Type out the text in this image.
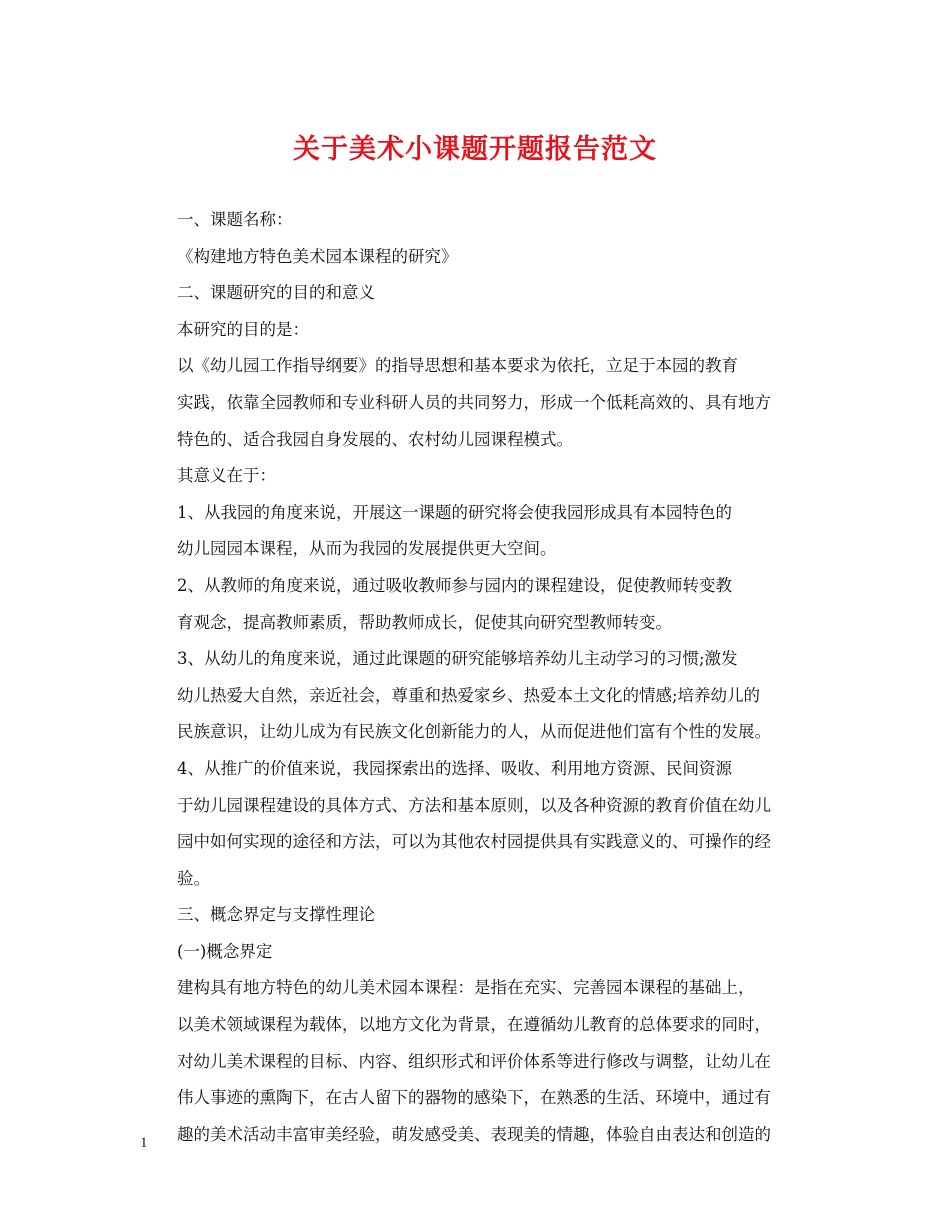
关于美术小课题开题报告范文

一、课题名称：

《构建地方特色美术园本课程的研究》

二、课题研究的目的和意义

本研究的目的是：

以《幼儿园工作指导纲要》的指导思想和基本要求为依托，立足于本园的教育
实践，依靠全园教师和专业科研人员的共同努力，形成一个低耗高效的、具有地方
特色的、适合我园自身发展的、农村幼儿园课程模式。

其意义在于：

1、从我园的角度来说，开展这一课题的研究将会使我园形成具有本园特色的
幼儿园园本课程，从而为我园的发展提供更大空间。

2、从教师的角度来说，通过吸收教师参与园内的课程建设，促使教师转变教
育观念，提高教师素质，帮助教师成长，促使其向研究型教师转变。

3、从幼儿的角度来说，通过此课题的研究能够培养幼儿主动学习的习惯;激发
幼儿热爱大自然，亲近社会，尊重和热爱家乡、热爱本土文化的情感;培养幼儿的
民族意识，让幼儿成为有民族文化创新能力的人，从而促进他们富有个性的发展。

4、从推广的价值来说，我园探索出的选择、吸收、利用地方资源、民间资源
于幼儿园课程建设的具体方式、方法和基本原则，以及各种资源的教育价值在幼儿
园中如何实现的途径和方法，可以为其他农村园提供具有实践意义的、可操作的经
验。

三、概念界定与支撑性理论

(一)概念界定

建构具有地方特色的幼儿美术园本课程：是指在充实、完善园本课程的基础上，
以美术领域课程为载体，以地方文化为背景，在遵循幼儿教育的总体要求的同时，
对幼儿美术课程的目标、内容、组织形式和评价体系等进行修改与调整，让幼儿在
伟人事迹的熏陶下，在古人留下的器物的感染下，在熟悉的生活、环境中，通过有
趣的美术活动丰富审美经验，萌发感受美、表现美的情趣，体验自由表达和创造的

1
